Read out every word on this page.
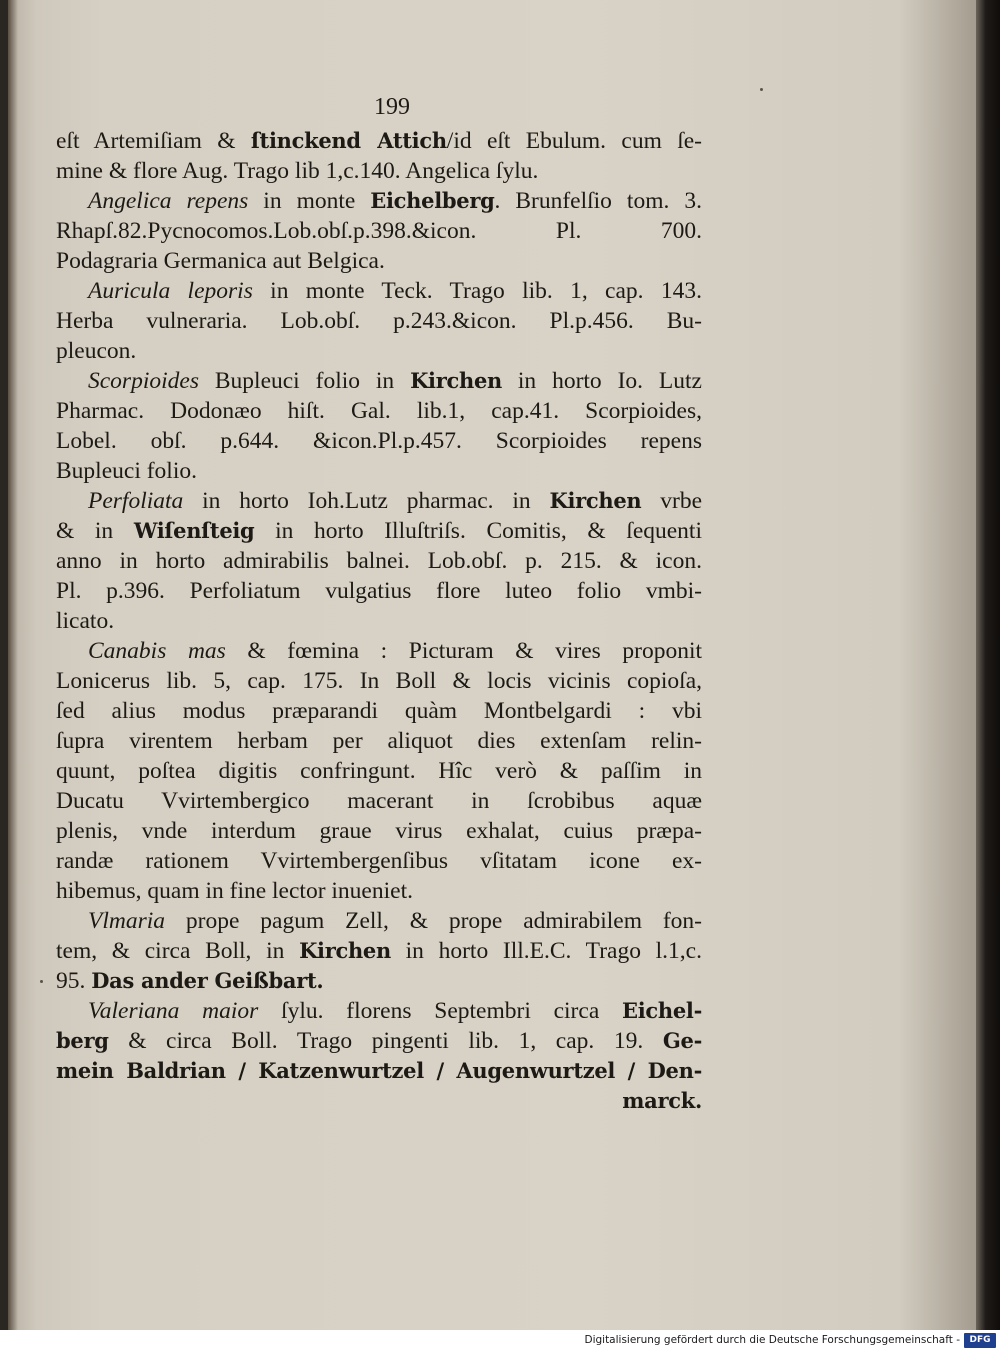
199
eſt Artemiſiam & ſtinckend Attich/id eſt Ebulum. cum ſe-
mine & flore Aug. Trago lib 1,c.140. Angelica ſylu.
Angelica repens in monte Eichelberg. Brunfelſio tom. 3.
Rhapſ.82.Pycnocomos.Lob.obſ.p.398.&icon. Pl. 700.
Podagraria Germanica aut Belgica.
Auricula leporis in monte Teck. Trago lib. 1, cap. 143.
Herba vulneraria. Lob.obſ. p.243.&icon. Pl.p.456. Bu-
pleucon.
Scorpioides Bupleuci folio in Kirchen in horto Io. Lutz
Pharmac. Dodonæo hiſt. Gal. lib.1, cap.41. Scorpioides,
Lobel. obſ. p.644. &icon.Pl.p.457. Scorpioides repens
Bupleuci folio.
Perfoliata in horto Ioh.Lutz pharmac. in Kirchen vrbe
& in Wiſenſteig in horto Illuſtriſs. Comitis, & ſequenti
anno in horto admirabilis balnei. Lob.obſ. p. 215. & icon.
Pl. p.396. Perfoliatum vulgatius flore luteo folio vmbi-
licato.
Canabis mas & fœmina : Picturam & vires proponit
Lonicerus lib. 5, cap. 175. In Boll & locis vicinis copioſa,
ſed alius modus præparandi quàm Montbelgardi : vbi
ſupra virentem herbam per aliquot dies extenſam relin-
quunt, poſtea digitis confringunt. Hîc verò & paſſim in
Ducatu Vvirtembergico macerant in ſcrobibus aquæ
plenis, vnde interdum graue virus exhalat, cuius præpa-
randæ rationem Vvirtembergenſibus vſitatam icone ex-
hibemus, quam in fine lector inueniet.
Vlmaria prope pagum Zell, & prope admirabilem fon-
tem, & circa Boll, in Kirchen in horto Ill.E.C. Trago l.1,c.
95. Das ander Geißbart.
Valeriana maior ſylu. florens Septembri circa Eichel-
berg & circa Boll. Trago pingenti lib. 1, cap. 19. Ge-
mein Baldrian / Katzenwurtzel / Augenwurtzel / Den-
marck.
Digitalisierung gefördert durch die Deutsche Forschungsgemeinschaft -	DFG
